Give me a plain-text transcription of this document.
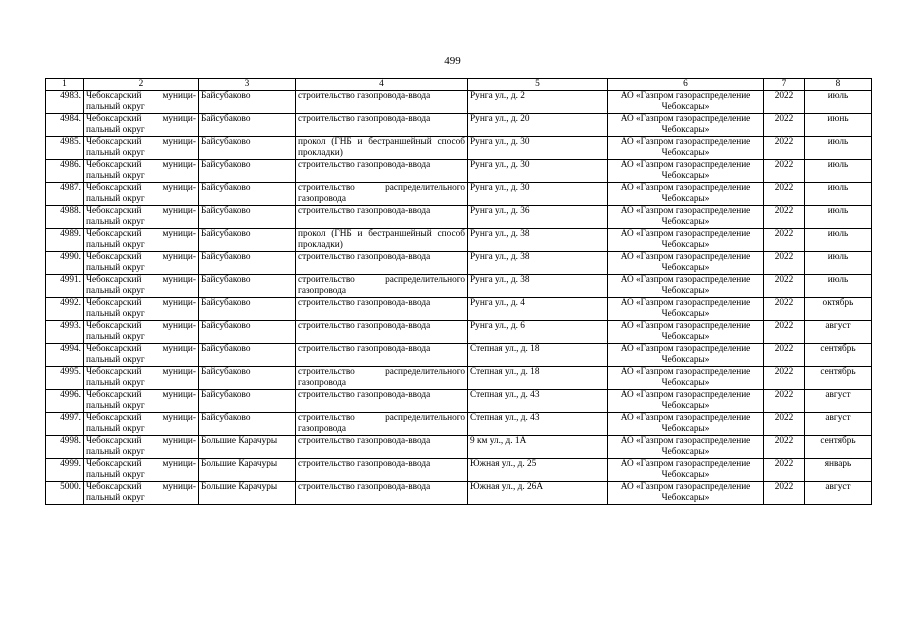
499
1	2	3	4	5	6	7	8
4983.	Чебоксарский муници-пальный округ	Байсубаково	строительство газопровода-ввода	Рунга ул., д. 2	АО «Газпром газораспределение Чебоксары»	2022	июль
4984.	Чебоксарский муници-пальный округ	Байсубаково	строительство газопровода-ввода	Рунга ул., д. 20	АО «Газпром газораспределение Чебоксары»	2022	июнь
4985.	Чебоксарский муници-пальный округ	Байсубаково	прокол (ГНБ и бестраншейный способ прокладки)	Рунга ул., д. 30	АО «Газпром газораспределение Чебоксары»	2022	июль
4986.	Чебоксарский муници-пальный округ	Байсубаково	строительство газопровода-ввода	Рунга ул., д. 30	АО «Газпром газораспределение Чебоксары»	2022	июль
4987.	Чебоксарский муници-пальный округ	Байсубаково	строительство распределительного газопровода	Рунга ул., д. 30	АО «Газпром газораспределение Чебоксары»	2022	июль
4988.	Чебоксарский муници-пальный округ	Байсубаково	строительство газопровода-ввода	Рунга ул., д. 36	АО «Газпром газораспределение Чебоксары»	2022	июль
4989.	Чебоксарский муници-пальный округ	Байсубаково	прокол (ГНБ и бестраншейный способ прокладки)	Рунга ул., д. 38	АО «Газпром газораспределение Чебоксары»	2022	июль
4990.	Чебоксарский муници-пальный округ	Байсубаково	строительство газопровода-ввода	Рунга ул., д. 38	АО «Газпром газораспределение Чебоксары»	2022	июль
4991.	Чебоксарский муници-пальный округ	Байсубаково	строительство распределительного газопровода	Рунга ул., д. 38	АО «Газпром газораспределение Чебоксары»	2022	июль
4992.	Чебоксарский муници-пальный округ	Байсубаково	строительство газопровода-ввода	Рунга ул., д. 4	АО «Газпром газораспределение Чебоксары»	2022	октябрь
4993.	Чебоксарский муници-пальный округ	Байсубаково	строительство газопровода-ввода	Рунга ул., д. 6	АО «Газпром газораспределение Чебоксары»	2022	август
4994.	Чебоксарский муници-пальный округ	Байсубаково	строительство газопровода-ввода	Степная ул., д. 18	АО «Газпром газораспределение Чебоксары»	2022	сентябрь
4995.	Чебоксарский муници-пальный округ	Байсубаково	строительство распределительного газопровода	Степная ул., д. 18	АО «Газпром газораспределение Чебоксары»	2022	сентябрь
4996.	Чебоксарский муници-пальный округ	Байсубаково	строительство газопровода-ввода	Степная ул., д. 43	АО «Газпром газораспределение Чебоксары»	2022	август
4997.	Чебоксарский муници-пальный округ	Байсубаково	строительство распределительного газопровода	Степная ул., д. 43	АО «Газпром газораспределение Чебоксары»	2022	август
4998.	Чебоксарский муници-пальный округ	Большие Карачуры	строительство газопровода-ввода	9 км ул., д. 1А	АО «Газпром газораспределение Чебоксары»	2022	сентябрь
4999.	Чебоксарский муници-пальный округ	Большие Карачуры	строительство газопровода-ввода	Южная ул., д. 25	АО «Газпром газораспределение Чебоксары»	2022	январь
5000.	Чебоксарский муници-пальный округ	Большие Карачуры	строительство газопровода-ввода	Южная ул., д. 26А	АО «Газпром газораспределение Чебоксары»	2022	август
